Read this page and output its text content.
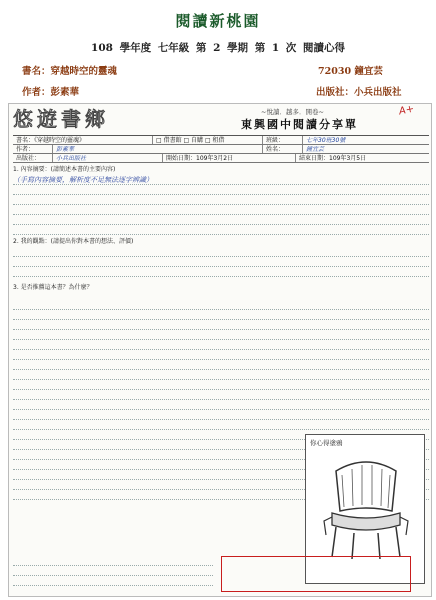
閱讀新桃園
108 學年度 七年級 第 2 學期 第 1 次 閱讀心得
書名：穿越時空的靈魂	72030 鐘宜芸
作者：彭素華	出版社：小兵出版社
悠遊書鄉	~悅讀．越多．開卷~
東興國中閱讀分享單
A+
書名：《穿越時空的靈魂》	□ 借書館 □ 自購 □ 租借	班級：	七年30班30號
作者：	彭素華	姓名：	鐘宜芸
出版社：	小兵出版社	開始日期：109年3月2日	結束日期：109年3月5日
1. 內容摘要：(請簡述本書的主要內容)
（手寫內容摘要，解析度不足無法逐字辨識）
2. 我的觀點：(請提出你對本書的想法、評價)
3. 是否推薦這本書？為什麼？
你心得塗鴉
